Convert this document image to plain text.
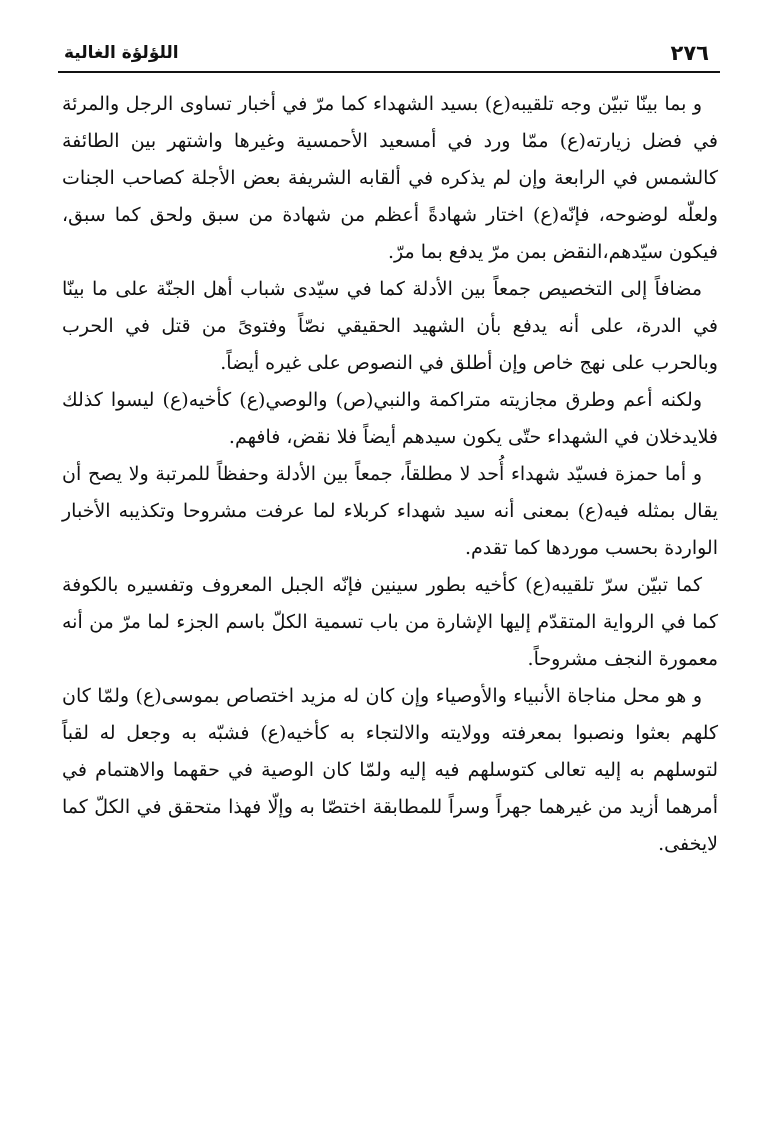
٢٧٦
اللؤلؤة الغالية

و بما بينّا تبيّن وجه تلقيبه(ع) بسيد الشهداء كما مرّ في أخبار تساوى الرجل والمرئة في فضل زيارته(ع) ممّا ورد في أمسعيد الأحمسية وغيرها واشتهر بين الطائفة كالشمس في الرابعة وإن لم يذكره في ألقابه الشريفة بعض الأجلة كصاحب الجنات ولعلّه لوضوحه، فإنّه(ع) اختار شهادةً أعظم من شهادة من سبق ولحق كما سبق، فيكون سيّدهم،النقض بمن مرّ يدفع بما مرّ.

مضافاً إلى التخصيص جمعاً بين الأدلة كما في سيّدى شباب أهل الجنّة على ما بينّا في الدرة، على أنه يدفع بأن الشهيد الحقيقي نصّاً وفتوىً من قتل في الحرب وبالحرب على نهج خاص وإن أطلق في النصوص على غيره أيضاً.

ولكنه أعم وطرق مجازيته متراكمة والنبي(ص) والوصي(ع) كأخيه(ع) ليسوا كذلك فلايدخلان في الشهداء حتّى يكون سيدهم أيضاً فلا نقض، فافهم.

و أما حمزة فسيّد شهداء أُحد لا مطلقاً، جمعاً بين الأدلة وحفظاً للمرتبة ولا يصح أن يقال بمثله فيه(ع) بمعنى أنه سيد شهداء كربلاء لما عرفت مشروحا وتكذيبه الأخبار الواردة بحسب موردها كما تقدم.

كما تبيّن سرّ تلقيبه(ع) كأخيه بطور سينين فإنّه الجبل المعروف وتفسيره بالكوفة كما في الرواية المتقدّم إليها الإشارة من باب تسمية الكلّ باسم الجزء لما مرّ من أنه معمورة النجف مشروحاً.

و هو محل مناجاة الأنبياء والأوصياء وإن كان له مزيد اختصاص بموسى(ع) ولمّا كان كلهم بعثوا ونصبوا بمعرفته وولايته والالتجاء به كأخيه(ع) فشبّه به وجعل له لقباً لتوسلهم به إليه تعالى كتوسلهم فيه إليه ولمّا كان الوصية في حقهما والاهتمام في أمرهما أزيد من غيرهما جهراً وسراً للمطابقة اختصّا به وإلّا فهذا متحقق في الكلّ كما لايخفى.
